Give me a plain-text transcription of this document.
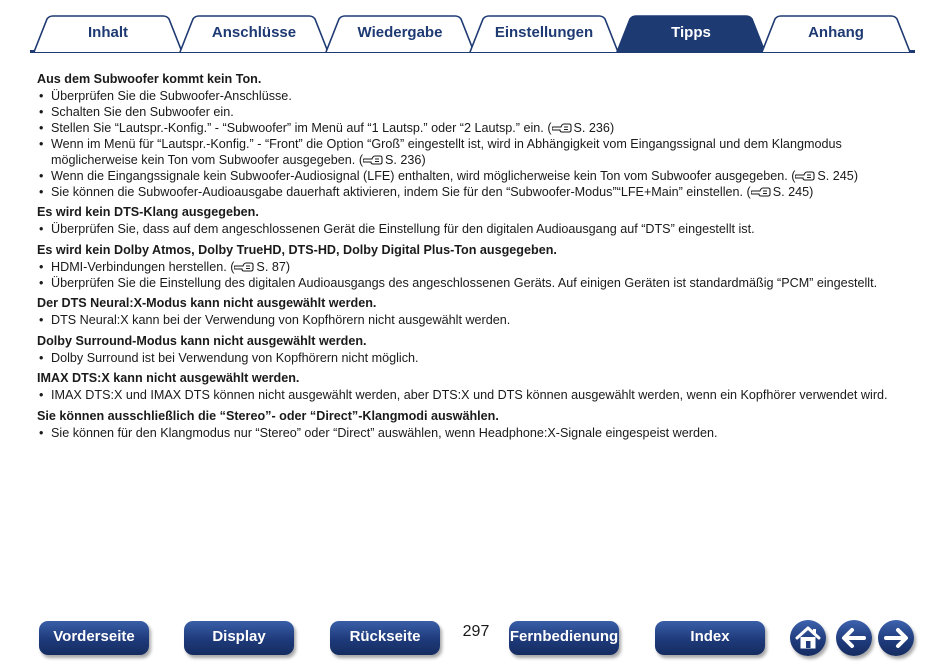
Inhalt	Anschlüsse	Wiedergabe	Einstellungen	Tipps	Anhang
Aus dem Subwoofer kommt kein Ton.
• Überprüfen Sie die Subwoofer-Anschlüsse.
• Schalten Sie den Subwoofer ein.
• Stellen Sie “Lautspr.-Konfig.” - “Subwoofer” im Menü auf “1 Lautsp.” oder “2 Lautsp.” ein. ( S. 236)
• Wenn im Menü für “Lautspr.-Konfig.” - “Front” die Option “Groß” eingestellt ist, wird in Abhängigkeit vom Eingangssignal und dem Klangmodus möglicherweise kein Ton vom Subwoofer ausgegeben. ( S. 236)
• Wenn die Eingangssignale kein Subwoofer-Audiosignal (LFE) enthalten, wird möglicherweise kein Ton vom Subwoofer ausgegeben. ( S. 245)
• Sie können die Subwoofer-Audioausgabe dauerhaft aktivieren, indem Sie für den “Subwoofer-Modus”“LFE+Main” einstellen. ( S. 245)
Es wird kein DTS-Klang ausgegeben.
• Überprüfen Sie, dass auf dem angeschlossenen Gerät die Einstellung für den digitalen Audioausgang auf “DTS” eingestellt ist.
Es wird kein Dolby Atmos, Dolby TrueHD, DTS-HD, Dolby Digital Plus-Ton ausgegeben.
• HDMI-Verbindungen herstellen. ( S. 87)
• Überprüfen Sie die Einstellung des digitalen Audioausgangs des angeschlossenen Geräts. Auf einigen Geräten ist standardmäßig “PCM” eingestellt.
Der DTS Neural:X-Modus kann nicht ausgewählt werden.
• DTS Neural:X kann bei der Verwendung von Kopfhörern nicht ausgewählt werden.
Dolby Surround-Modus kann nicht ausgewählt werden.
• Dolby Surround ist bei Verwendung von Kopfhörern nicht möglich.
IMAX DTS:X kann nicht ausgewählt werden.
• IMAX DTS:X und IMAX DTS können nicht ausgewählt werden, aber DTS:X und DTS können ausgewählt werden, wenn ein Kopfhörer verwendet wird.
Sie können ausschließlich die “Stereo”- oder “Direct”-Klangmodi auswählen.
• Sie können für den Klangmodus nur “Stereo” oder “Direct” auswählen, wenn Headphone:X-Signale eingespeist werden.
Vorderseite	Display	Rückseite	297	Fernbedienung	Index
